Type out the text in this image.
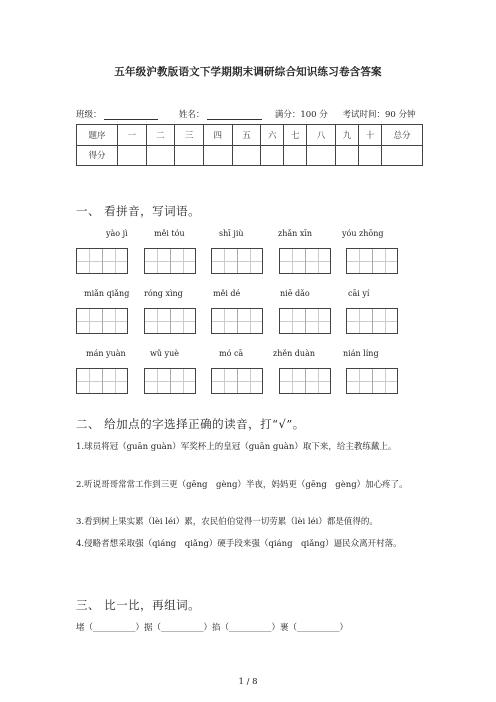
五年级沪教版语文下学期期末调研综合知识练习卷含答案
班级：	姓名：	满分：100 分 考试时间：90 分钟
题序	一	二	三	四	五	六	七	八	九	十	总分
得分											
一、 看拼音，写词语。
yào jì	měi tóu	shī jiù	zhǎn xīn	yóu zhōng
miǎn qiǎng róng xìng	měi dé	niē dǎo	cāi yí
mán yuàn	wǔ yuè	mó cā	zhěn duàn	nián líng
二、 给加点的字选择正确的读音，打“√”。
1.球员将冠（guān guàn）军奖杯上的皇冠（guān guàn）取下来，给主教练戴上。
2.听说哥哥常常工作到三更（gēng　gèng）半夜，妈妈更（gēng　gèng）加心疼了。
3.看到树上果实累（lèi léi）累，农民伯伯觉得一切劳累（lèi léi）都是值得的。
4.侵略者想采取强（qiáng　qiǎng）硬手段来强（qiáng　qiǎng）逼民众离开村落。
三、 比一比，再组词。
堵（__________）据（__________）掐（__________）裹（__________）
1 / 8
